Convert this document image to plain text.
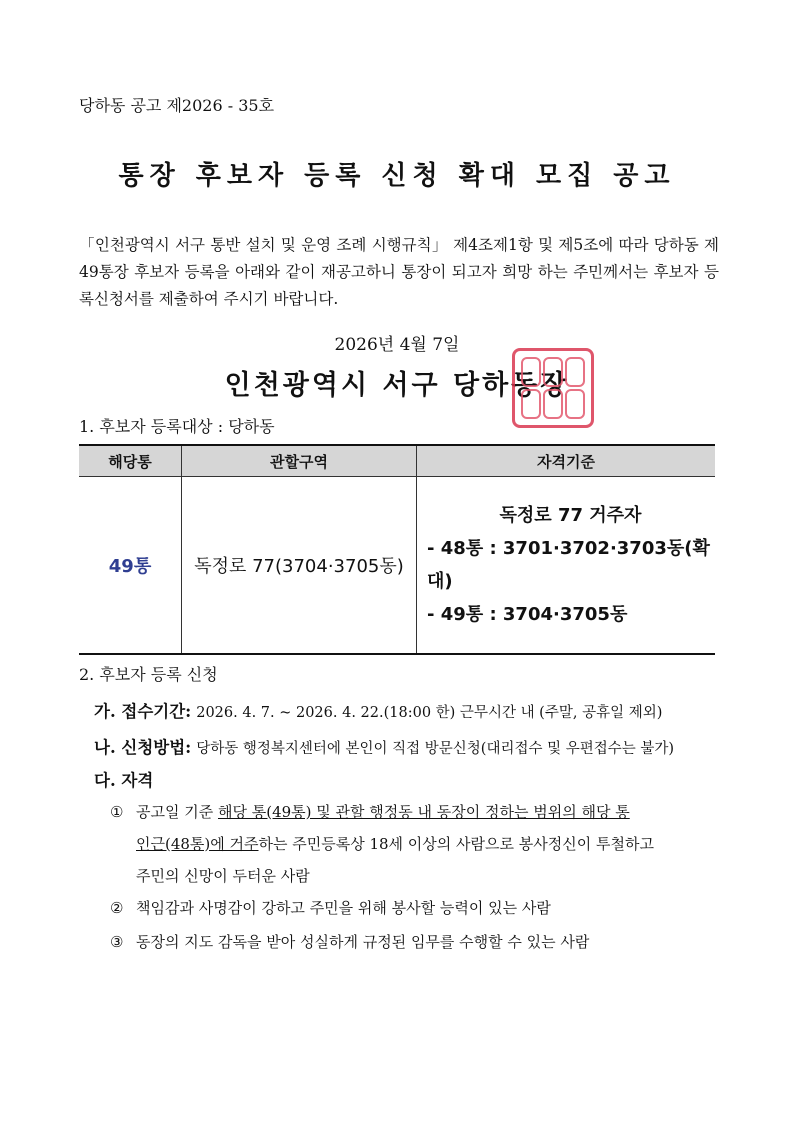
당하동 공고 제2026 - 35호
통장 후보자 등록 신청 확대 모집 공고
「인천광역시 서구 통반 설치 및 운영 조례 시행규칙」 제4조제1항 및 제5조에 따라 당하동 제49통장 후보자 등록을 아래와 같이 재공고하니 통장이 되고자 희망 하는 주민께서는 후보자 등록신청서를 제출하여 주시기 바랍니다.
2026년 4월 7일
인천광역시 서구 당하동장
1. 후보자 등록대상 : 당하동
해당통	관할구역	자격기준
49통	독정로 77(3704·3705동)	독정로 77 거주자
- 48통 : 3701·3702·3703동(확대)
- 49통 : 3704·3705동
2. 후보자 등록 신청
가. 접수기간: 2026. 4. 7. ~ 2026. 4. 22.(18:00 한) 근무시간 내 (주말, 공휴일 제외)
나. 신청방법: 당하동 행정복지센터에 본인이 직접 방문신청(대리접수 및 우편접수는 불가)
다. 자격
① 공고일 기준 해당 통(49통) 및 관할 행정동 내 동장이 정하는 범위의 해당 통
인근(48통)에 거주하는 주민등록상 18세 이상의 사람으로 봉사정신이 투철하고
주민의 신망이 두터운 사람
② 책임감과 사명감이 강하고 주민을 위해 봉사할 능력이 있는 사람
③ 동장의 지도 감독을 받아 성실하게 규정된 임무를 수행할 수 있는 사람
